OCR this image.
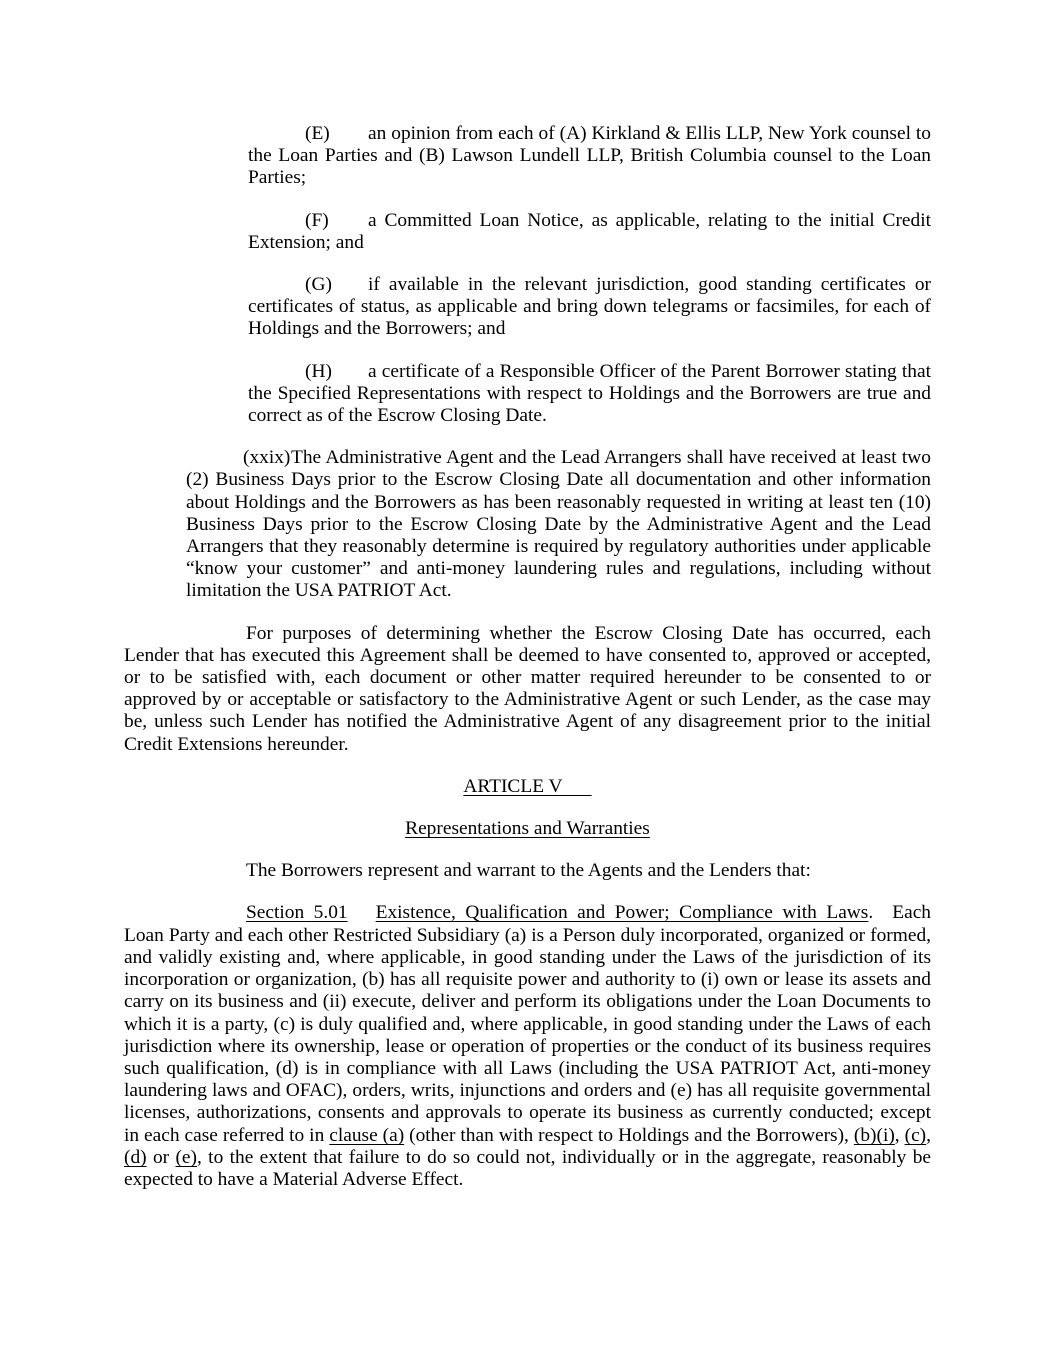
(E) an opinion from each of (A) Kirkland & Ellis LLP, New York counsel to the Loan Parties and (B) Lawson Lundell LLP, British Columbia counsel to the Loan Parties;

(F) a Committed Loan Notice, as applicable, relating to the initial Credit Extension; and

(G) if available in the relevant jurisdiction, good standing certificates or certificates of status, as applicable and bring down telegrams or facsimiles, for each of Holdings and the Borrowers; and

(H) a certificate of a Responsible Officer of the Parent Borrower stating that the Specified Representations with respect to Holdings and the Borrowers are true and correct as of the Escrow Closing Date.

(xxix)The Administrative Agent and the Lead Arrangers shall have received at least two (2) Business Days prior to the Escrow Closing Date all documentation and other information about Holdings and the Borrowers as has been reasonably requested in writing at least ten (10) Business Days prior to the Escrow Closing Date by the Administrative Agent and the Lead Arrangers that they reasonably determine is required by regulatory authorities under applicable “know your customer” and anti-money laundering rules and regulations, including without limitation the USA PATRIOT Act.

For purposes of determining whether the Escrow Closing Date has occurred, each Lender that has executed this Agreement shall be deemed to have consented to, approved or accepted, or to be satisfied with, each document or other matter required hereunder to be consented to or approved by or acceptable or satisfactory to the Administrative Agent or such Lender, as the case may be, unless such Lender has notified the Administrative Agent of any disagreement prior to the initial Credit Extensions hereunder.

ARTICLE V

Representations and Warranties

The Borrowers represent and warrant to the Agents and the Lenders that:

Section 5.01 Existence, Qualification and Power; Compliance with Laws.  Each Loan Party and each other Restricted Subsidiary (a) is a Person duly incorporated, organized or formed, and validly existing and, where applicable, in good standing under the Laws of the jurisdiction of its incorporation or organization, (b) has all requisite power and authority to (i) own or lease its assets and carry on its business and (ii) execute, deliver and perform its obligations under the Loan Documents to which it is a party, (c) is duly qualified and, where applicable, in good standing under the Laws of each jurisdiction where its ownership, lease or operation of properties or the conduct of its business requires such qualification, (d) is in compliance with all Laws (including the USA PATRIOT Act, anti-money laundering laws and OFAC), orders, writs, injunctions and orders and (e) has all requisite governmental licenses, authorizations, consents and approvals to operate its business as currently conducted; except in each case referred to in clause (a) (other than with respect to Holdings and the Borrowers), (b)(i), (c), (d) or (e), to the extent that failure to do so could not, individually or in the aggregate, reasonably be expected to have a Material Adverse Effect.
